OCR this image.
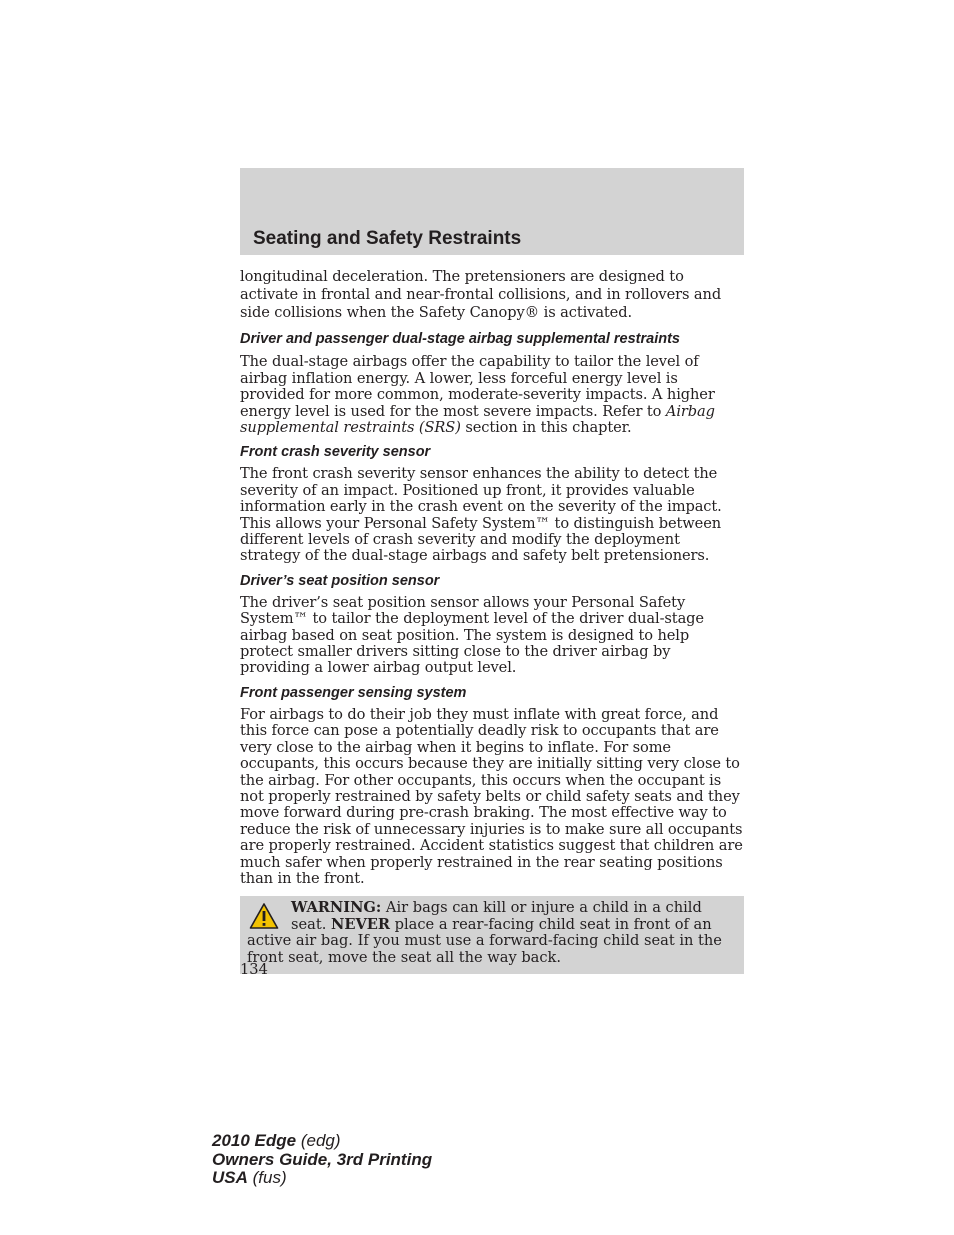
Seating and Safety Restraints

longitudinal deceleration. The pretensioners are designed to activate in frontal and near-frontal collisions, and in rollovers and side collisions when the Safety Canopy® is activated.

Driver and passenger dual-stage airbag supplemental restraints

The dual-stage airbags offer the capability to tailor the level of airbag inflation energy. A lower, less forceful energy level is provided for more common, moderate-severity impacts. A higher energy level is used for the most severe impacts. Refer to Airbag supplemental restraints (SRS) section in this chapter.

Front crash severity sensor

The front crash severity sensor enhances the ability to detect the severity of an impact. Positioned up front, it provides valuable information early in the crash event on the severity of the impact. This allows your Personal Safety System™ to distinguish between different levels of crash severity and modify the deployment strategy of the dual-stage airbags and safety belt pretensioners.

Driver’s seat position sensor

The driver’s seat position sensor allows your Personal Safety System™ to tailor the deployment level of the driver dual-stage airbag based on seat position. The system is designed to help protect smaller drivers sitting close to the driver airbag by providing a lower airbag output level.

Front passenger sensing system

For airbags to do their job they must inflate with great force, and this force can pose a potentially deadly risk to occupants that are very close to the airbag when it begins to inflate. For some occupants, this occurs because they are initially sitting very close to the airbag. For other occupants, this occurs when the occupant is not properly restrained by safety belts or child safety seats and they move forward during pre-crash braking. The most effective way to reduce the risk of unnecessary injuries is to make sure all occupants are properly restrained. Accident statistics suggest that children are much safer when properly restrained in the rear seating positions than in the front.

WARNING: Air bags can kill or injure a child in a child seat. NEVER place a rear-facing child seat in front of an active air bag. If you must use a forward-facing child seat in the front seat, move the seat all the way back.
134
2010 Edge (edg)
Owners Guide, 3rd Printing
USA (fus)
